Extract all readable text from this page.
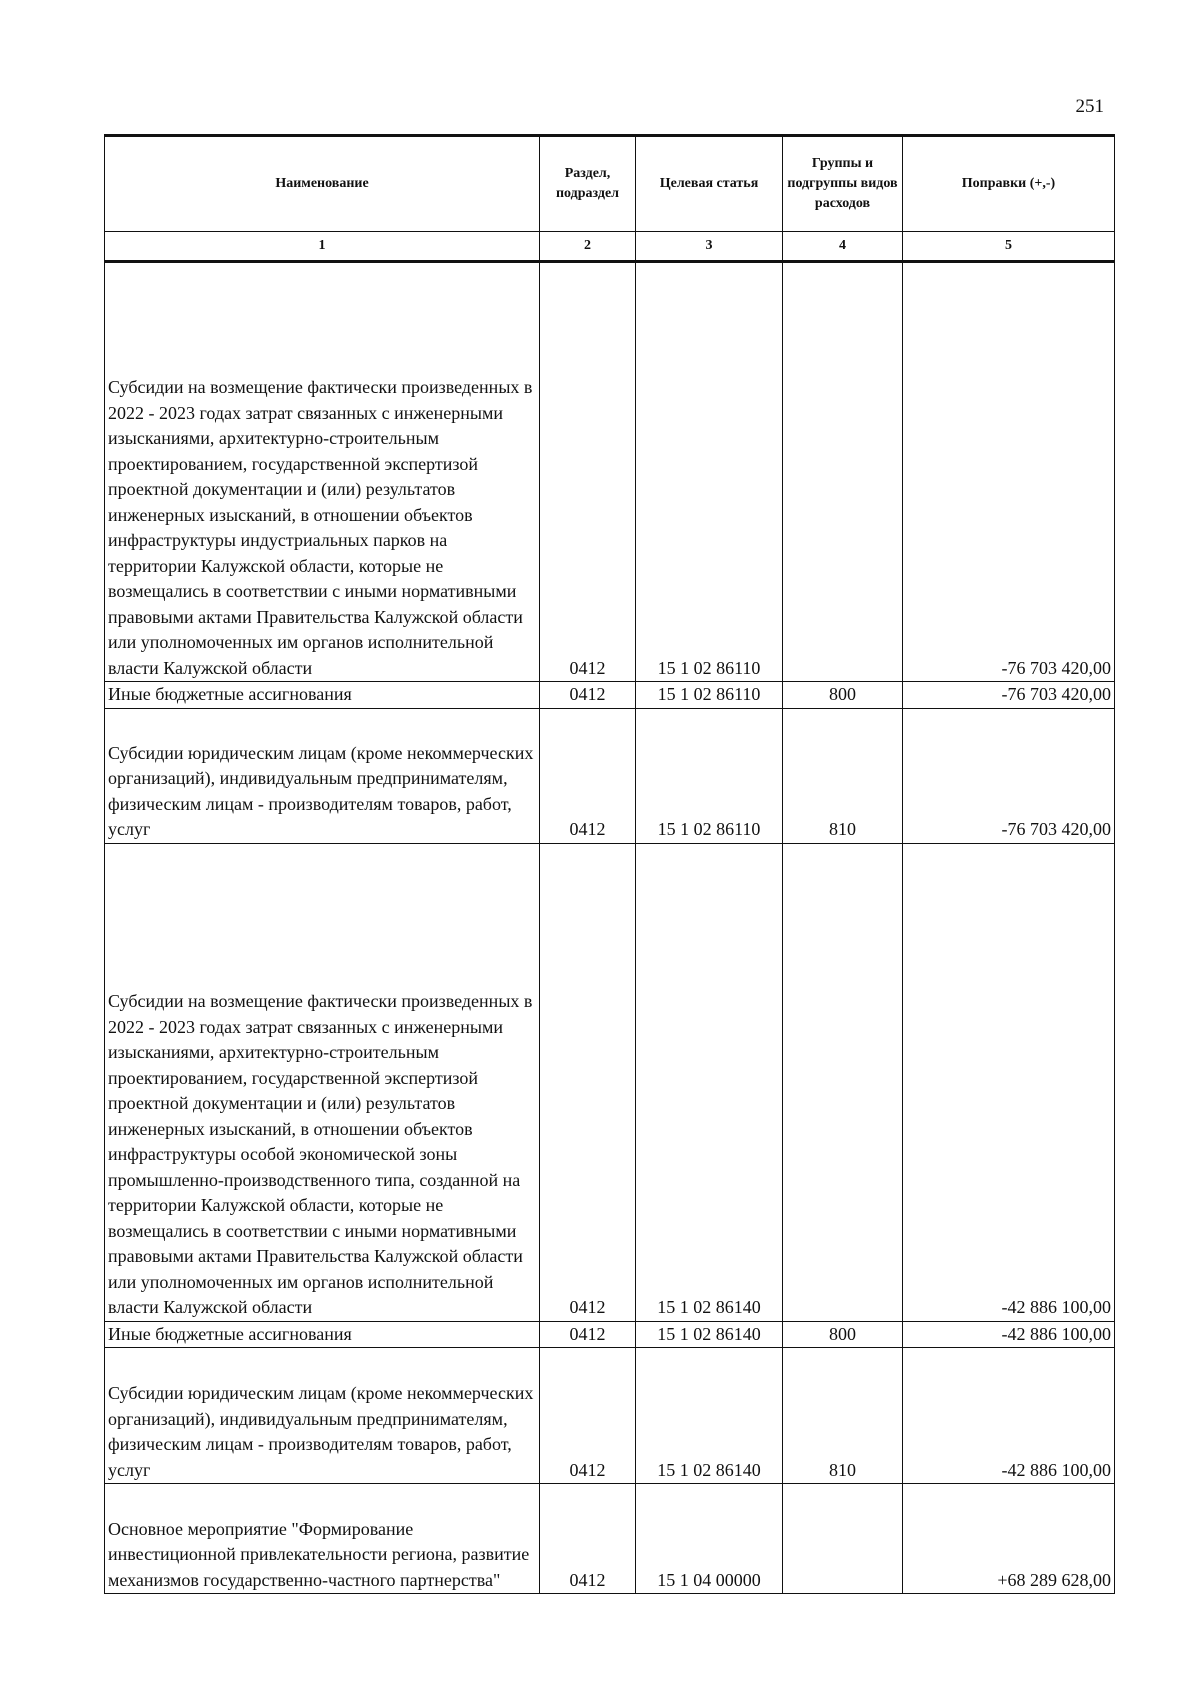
251
Наименование	Раздел, подраздел	Целевая статья	Группы и подгруппы видов расходов	Поправки (+,-)
1	2	3	4	5
Субсидии на возмещение фактически произведенных в 2022 - 2023 годах затрат связанных с инженерными изысканиями, архитектурно-строительным проектированием, государственной экспертизой проектной документации и (или) результатов инженерных изысканий, в отношении объектов инфраструктуры индустриальных парков на территории Калужской области, которые не возмещались в соответствии с иными нормативными правовыми актами Правительства Калужской области или уполномоченных им органов исполнительной власти Калужской области	0412	15 1 02 86110		-76 703 420,00
Иные бюджетные ассигнования	0412	15 1 02 86110	800	-76 703 420,00
Субсидии юридическим лицам (кроме некоммерческих организаций), индивидуальным предпринимателям, физическим лицам - производителям товаров, работ, услуг	0412	15 1 02 86110	810	-76 703 420,00
Субсидии на возмещение фактически произведенных в 2022 - 2023 годах затрат связанных с инженерными изысканиями, архитектурно-строительным проектированием, государственной экспертизой проектной документации и (или) результатов инженерных изысканий, в отношении объектов инфраструктуры особой экономической зоны промышленно-производственного типа, созданной на территории Калужской области, которые не возмещались в соответствии с иными нормативными правовыми актами Правительства Калужской области или уполномоченных им органов исполнительной власти Калужской области	0412	15 1 02 86140		-42 886 100,00
Иные бюджетные ассигнования	0412	15 1 02 86140	800	-42 886 100,00
Субсидии юридическим лицам (кроме некоммерческих организаций), индивидуальным предпринимателям, физическим лицам - производителям товаров, работ, услуг	0412	15 1 02 86140	810	-42 886 100,00
Основное мероприятие "Формирование инвестиционной привлекательности региона, развитие механизмов государственно-частного партнерства"	0412	15 1 04 00000		+68 289 628,00
